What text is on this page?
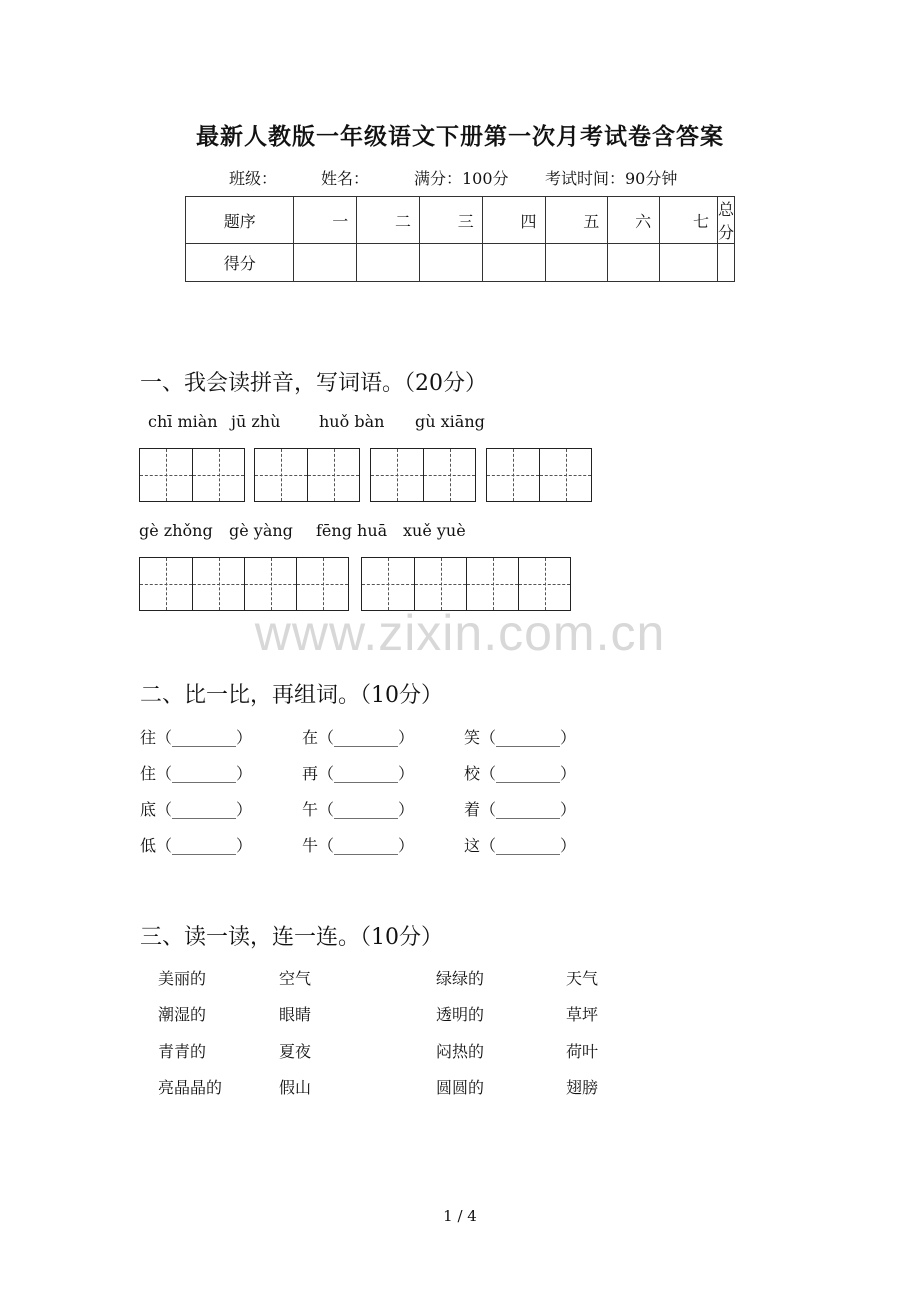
最新人教版一年级语文下册第一次月考试卷含答案
班级：	姓名：	满分：100分 考试时间：90分钟
题序	一	二	三	四	五	六	七	总分
得分								
一、我会读拼音，写词语。（20分）
chī miàn jū zhù huǒ bàn gù xiāng
gè zhǒng gè yàng fēng huā xuě yuè
www.zixin.com.cn
二、比一比，再组词。（10分）
往（________）	在（________）	笑（________）
住（________）	再（________）	校（________）
底（________）	午（________）	着（________）
低（________）	牛（________）	这（________）
三、读一读，连一连。（10分）
美丽的	空气	绿绿的	天气
潮湿的	眼睛	透明的	草坪
青青的	夏夜	闷热的	荷叶
亮晶晶的	假山	圆圆的	翅膀
1 / 4
